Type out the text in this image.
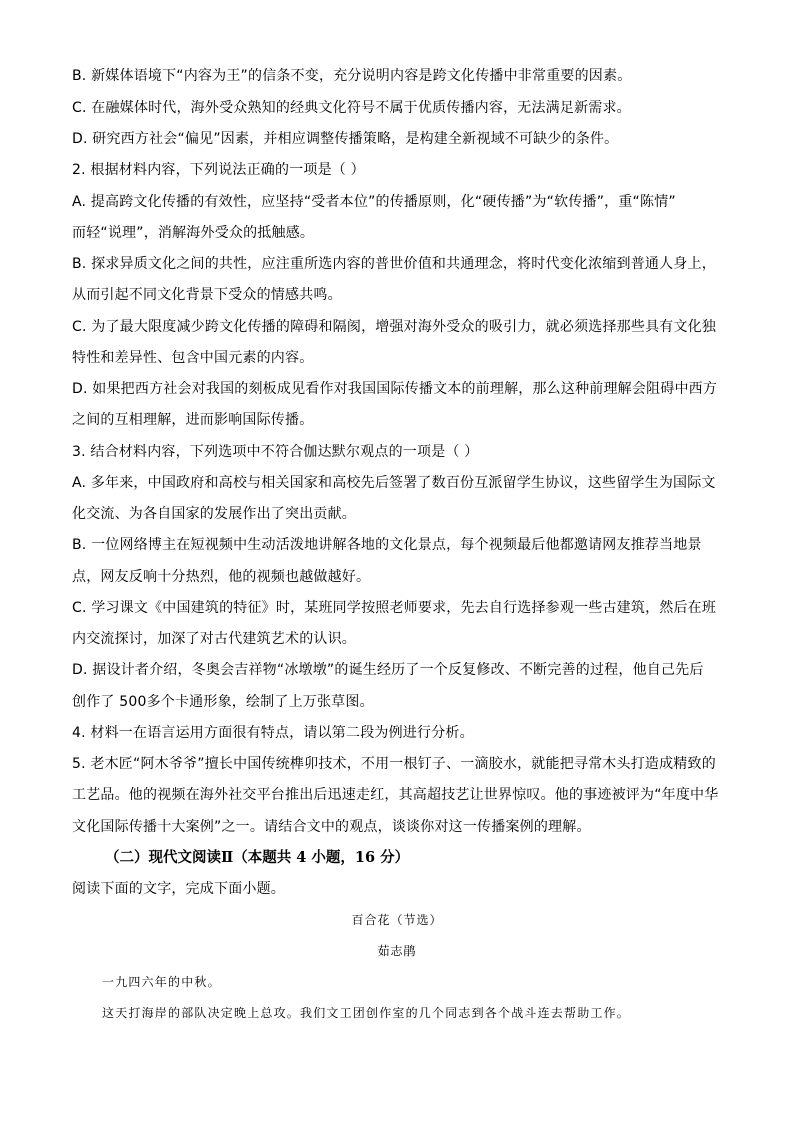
B. 新媒体语境下“内容为王”的信条不变，充分说明内容是跨文化传播中非常重要的因素。
C. 在融媒体时代，海外受众熟知的经典文化符号不属于优质传播内容，无法满足新需求。
D. 研究西方社会“偏见”因素，并相应调整传播策略，是构建全新视域不可缺少的条件。
2. 根据材料内容，下列说法正确的一项是（ ）
A. 提高跨文化传播的有效性，应坚持“受者本位”的传播原则，化“硬传播”为“软传播”，重“陈情”
而轻“说理”，消解海外受众的抵触感。
B. 探求异质文化之间的共性，应注重所选内容的普世价值和共通理念，将时代变化浓缩到普通人身上，
从而引起不同文化背景下受众的情感共鸣。
C. 为了最大限度减少跨文化传播的障碍和隔阂，增强对海外受众的吸引力，就必须选择那些具有文化独
特性和差异性、包含中国元素的内容。
D. 如果把西方社会对我国的刻板成见看作对我国国际传播文本的前理解，那么这种前理解会阻碍中西方
之间的互相理解，进而影响国际传播。
3. 结合材料内容，下列选项中不符合伽达默尔观点的一项是（ ）
A. 多年来，中国政府和高校与相关国家和高校先后签署了数百份互派留学生协议，这些留学生为国际文
化交流、为各自国家的发展作出了突出贡献。
B. 一位网络博主在短视频中生动活泼地讲解各地的文化景点，每个视频最后他都邀请网友推荐当地景
点，网友反响十分热烈，他的视频也越做越好。
C. 学习课文《中国建筑的特征》时，某班同学按照老师要求，先去自行选择参观一些古建筑，然后在班
内交流探讨，加深了对古代建筑艺术的认识。
D. 据设计者介绍，冬奥会吉祥物“冰墩墩”的诞生经历了一个反复修改、不断完善的过程，他自己先后
创作了 500多个卡通形象，绘制了上万张草图。
4. 材料一在语言运用方面很有特点，请以第二段为例进行分析。
5. 老木匠“阿木爷爷”擅长中国传统榫卯技术，不用一根钉子、一滴胶水，就能把寻常木头打造成精致的
工艺品。他的视频在海外社交平台推出后迅速走红，其高超技艺让世界惊叹。他的事迹被评为“年度中华
文化国际传播十大案例”之一。请结合文中的观点，谈谈你对这一传播案例的理解。
（二）现代文阅读Ⅱ（本题共 4 小题，16 分）
阅读下面的文字，完成下面小题。
百合花（节选）
茹志鹃
一九四六年的中秋。
这天打海岸的部队决定晚上总攻。我们文工团创作室的几个同志到各个战斗连去帮助工作。
